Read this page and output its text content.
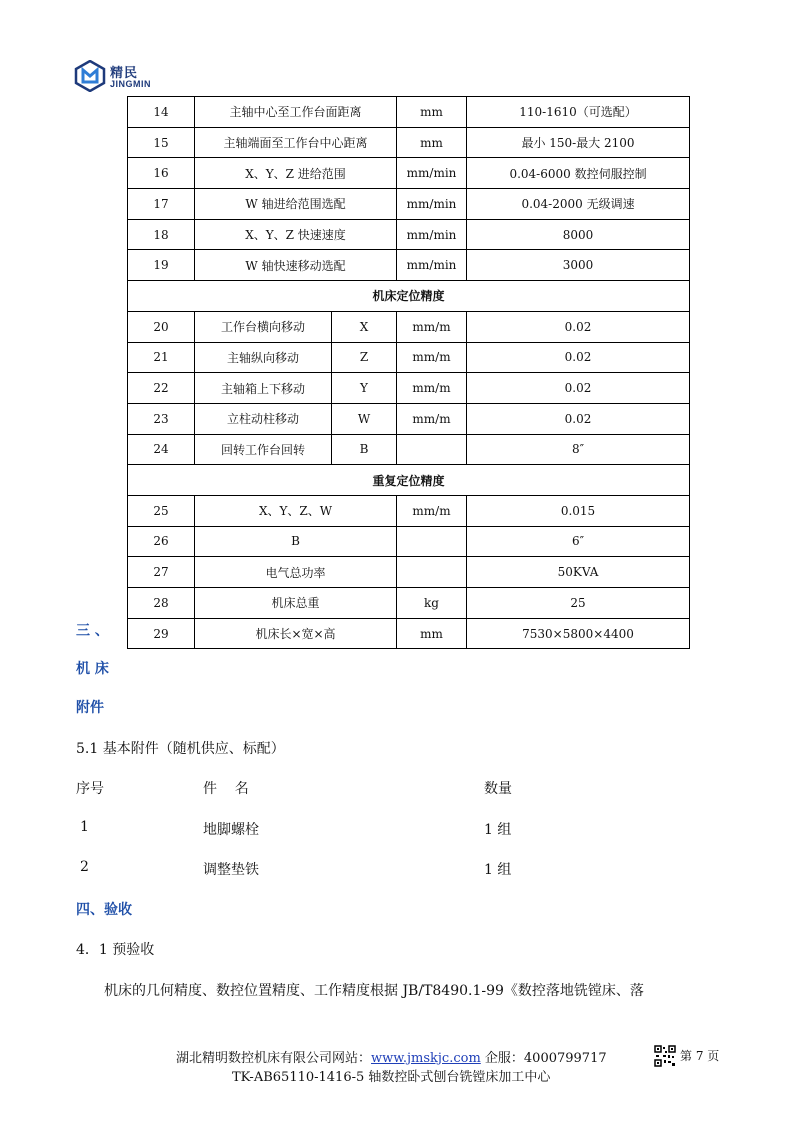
精民
JINGMIN
14	主轴中心至工作台面距离		mm	110-1610（可选配）
15	主轴端面至工作台中心距离		mm	最小 150-最大 2100
16	X、Y、Z 进给范围		mm/min	0.04-6000 数控伺服控制
17	W 轴进给范围选配		mm/min	0.04-2000 无级调速
18	X、Y、Z 快速速度		mm/min	8000
19	W 轴快速移动选配		mm/min	3000
机床定位精度				
20	工作台横向移动	X	mm/m	0.02
21	主轴纵向移动	Z	mm/m	0.02
22	主轴箱上下移动	Y	mm/m	0.02
23	立柱动柱移动	W	mm/m	0.02
24	回转工作台回转	B		8″
重复定位精度				
25	X、Y、Z、W		mm/m	0.015
26	B			6″
27	电气总功率			50KVA
28	机床总重		kg	25
29	机床长×宽×高		mm	7530×5800×4400
三 、
机 床
附件
5.1 基本附件（随机供应、标配）
序号	件    名	数量
1	地脚螺栓	1 组
2	调整垫铁	1 组
四、验收
4．1 预验收
机床的几何精度、数控位置精度、工作精度根据 JB/T8490.1-99《数控落地铣镗床、落
湖北精明数控机床有限公司网站：www.jmskjc.com 企服：4000799717	第 7 页
TK-AB65110-1416-5 轴数控卧式刨台铣镗床加工中心
